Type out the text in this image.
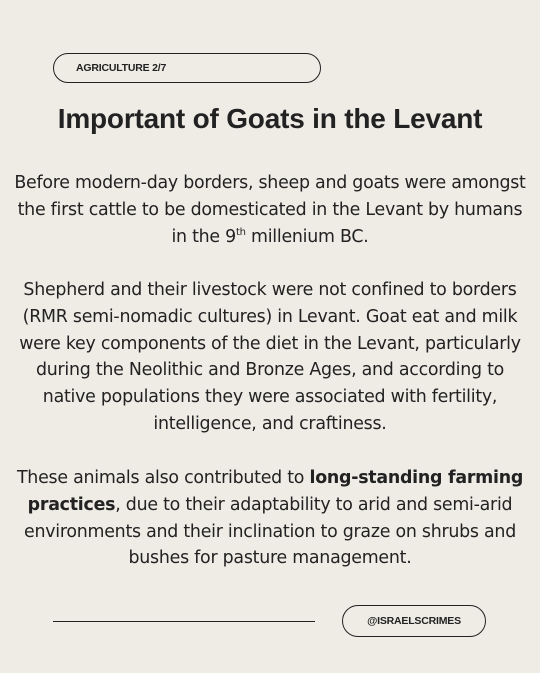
AGRICULTURE 2/7
Important of Goats in the Levant

Before modern-day borders, sheep and goats were amongst the first cattle to be domesticated in the Levant by humans in the 9th millenium BC.

Shepherd and their livestock were not confined to borders (RMR semi-nomadic cultures) in Levant. Goat eat and milk were key components of the diet in the Levant, particularly during the Neolithic and Bronze Ages, and according to native populations they were associated with fertility, intelligence, and craftiness.

These animals also contributed to long-standing farming practices, due to their adaptability to arid and semi-arid environments and their inclination to graze on shrubs and bushes for pasture management.

@ISRAELSCRIMES
